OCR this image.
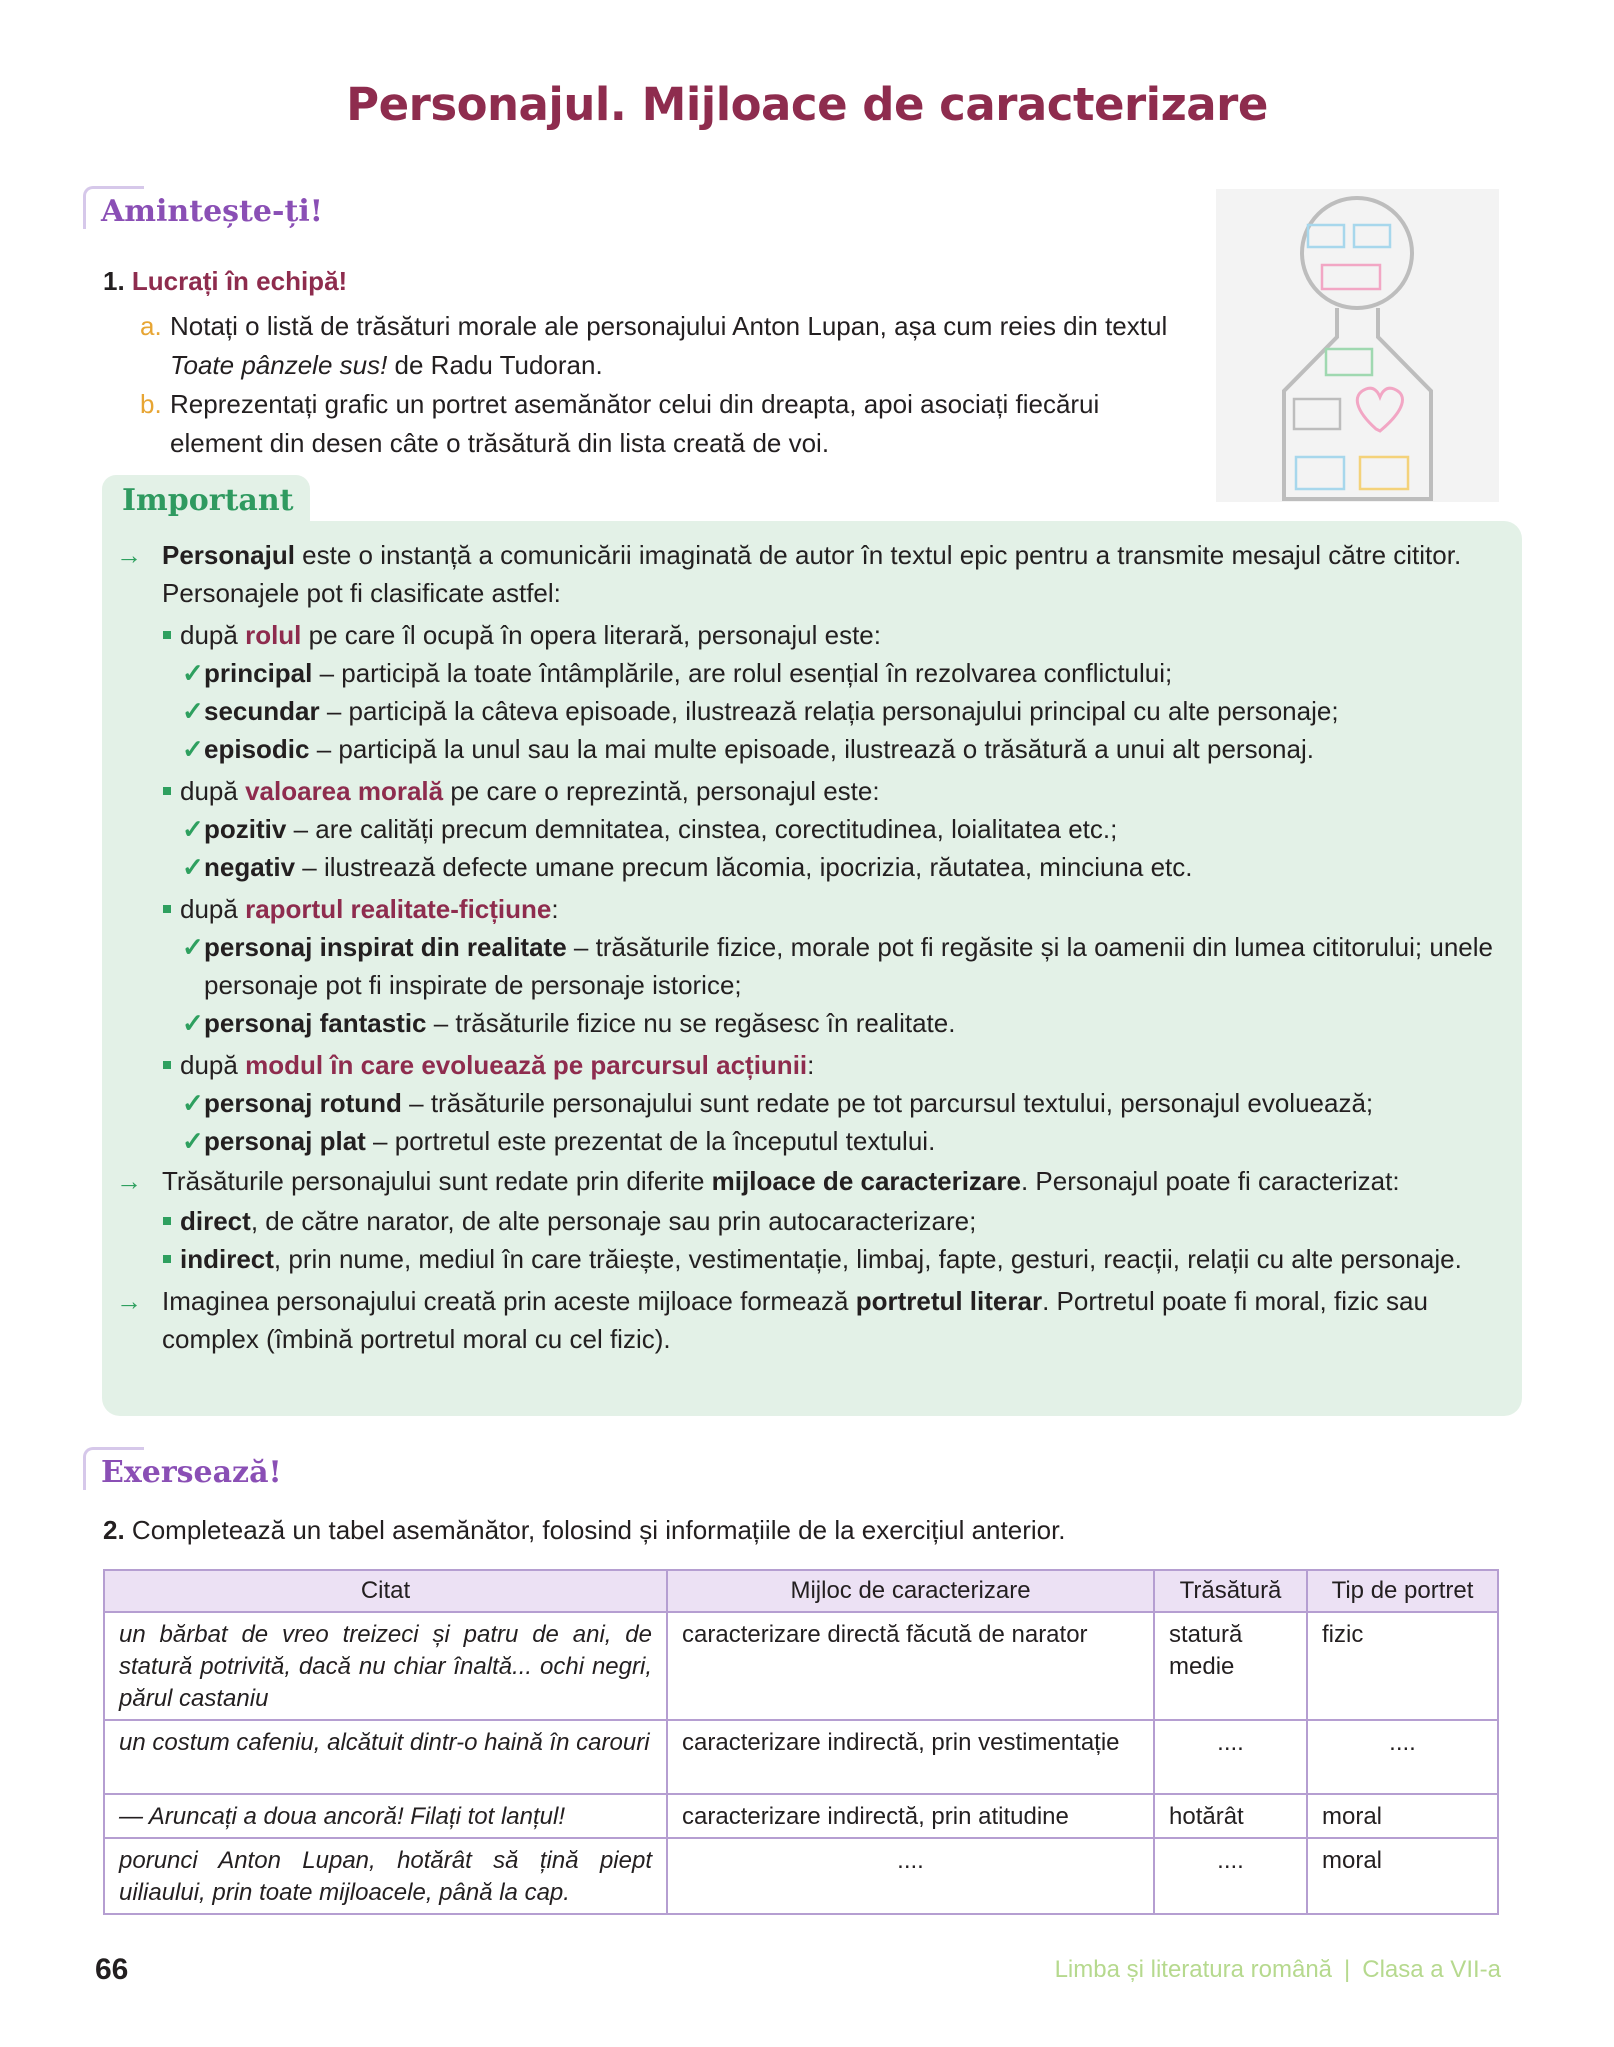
Personajul. Mijloace de caracterizare
Amintește-ți!
1. Lucrați în echipă!
a. Notați o listă de trăsături morale ale personajului Anton Lupan, așa cum reies din textul Toate pânzele sus! de Radu Tudoran.
b. Reprezentați grafic un portret asemănător celui din dreapta, apoi asociați fiecărui element din desen câte o trăsătură din lista creată de voi.
Important
→ Personajul este o instanță a comunicării imaginată de autor în textul epic pentru a transmite mesajul către cititor. Personajele pot fi clasificate astfel:
după rolul pe care îl ocupă în opera literară, personajul este:
✓ principal – participă la toate întâmplările, are rolul esențial în rezolvarea conflictului;
✓ secundar – participă la câteva episoade, ilustrează relația personajului principal cu alte personaje;
✓ episodic – participă la unul sau la mai multe episoade, ilustrează o trăsătură a unui alt personaj.
după valoarea morală pe care o reprezintă, personajul este:
✓ pozitiv – are calități precum demnitatea, cinstea, corectitudinea, loialitatea etc.;
✓ negativ – ilustrează defecte umane precum lăcomia, ipocrizia, răutatea, minciuna etc.
după raportul realitate-ficțiune:
✓ personaj inspirat din realitate – trăsăturile fizice, morale pot fi regăsite și la oamenii din lumea cititorului; unele personaje pot fi inspirate de personaje istorice;
✓ personaj fantastic – trăsăturile fizice nu se regăsesc în realitate.
după modul în care evoluează pe parcursul acțiunii:
✓ personaj rotund – trăsăturile personajului sunt redate pe tot parcursul textului, personajul evoluează;
✓ personaj plat – portretul este prezentat de la începutul textului.
→ Trăsăturile personajului sunt redate prin diferite mijloace de caracterizare. Personajul poate fi caracterizat:
direct, de către narator, de alte personaje sau prin autocaracterizare;
indirect, prin nume, mediul în care trăiește, vestimentație, limbaj, fapte, gesturi, reacții, relații cu alte personaje.
→ Imaginea personajului creată prin aceste mijloace formează portretul literar. Portretul poate fi moral, fizic sau complex (îmbină portretul moral cu cel fizic).
Exersează!
2. Completează un tabel asemănător, folosind și informațiile de la exercițiul anterior.
Citat	Mijloc de caracterizare	Trăsătură	Tip de portret
un bărbat de vreo treizeci și patru de ani, de statură potrivită, dacă nu chiar înaltă... ochi negri, părul castaniu	caracterizare directă făcută de narator	statură medie	fizic
un costum cafeniu, alcătuit dintr-o haină în carouri	caracterizare indirectă, prin vestimentație	....	....
— Aruncați a doua ancoră! Filați tot lanțul!	caracterizare indirectă, prin atitudine	hotărât	moral
porunci Anton Lupan, hotărât să țină piept uiliaului, prin toate mijloacele, până la cap.	....	....	moral
66	Limba și literatura română | Clasa a VII-a
